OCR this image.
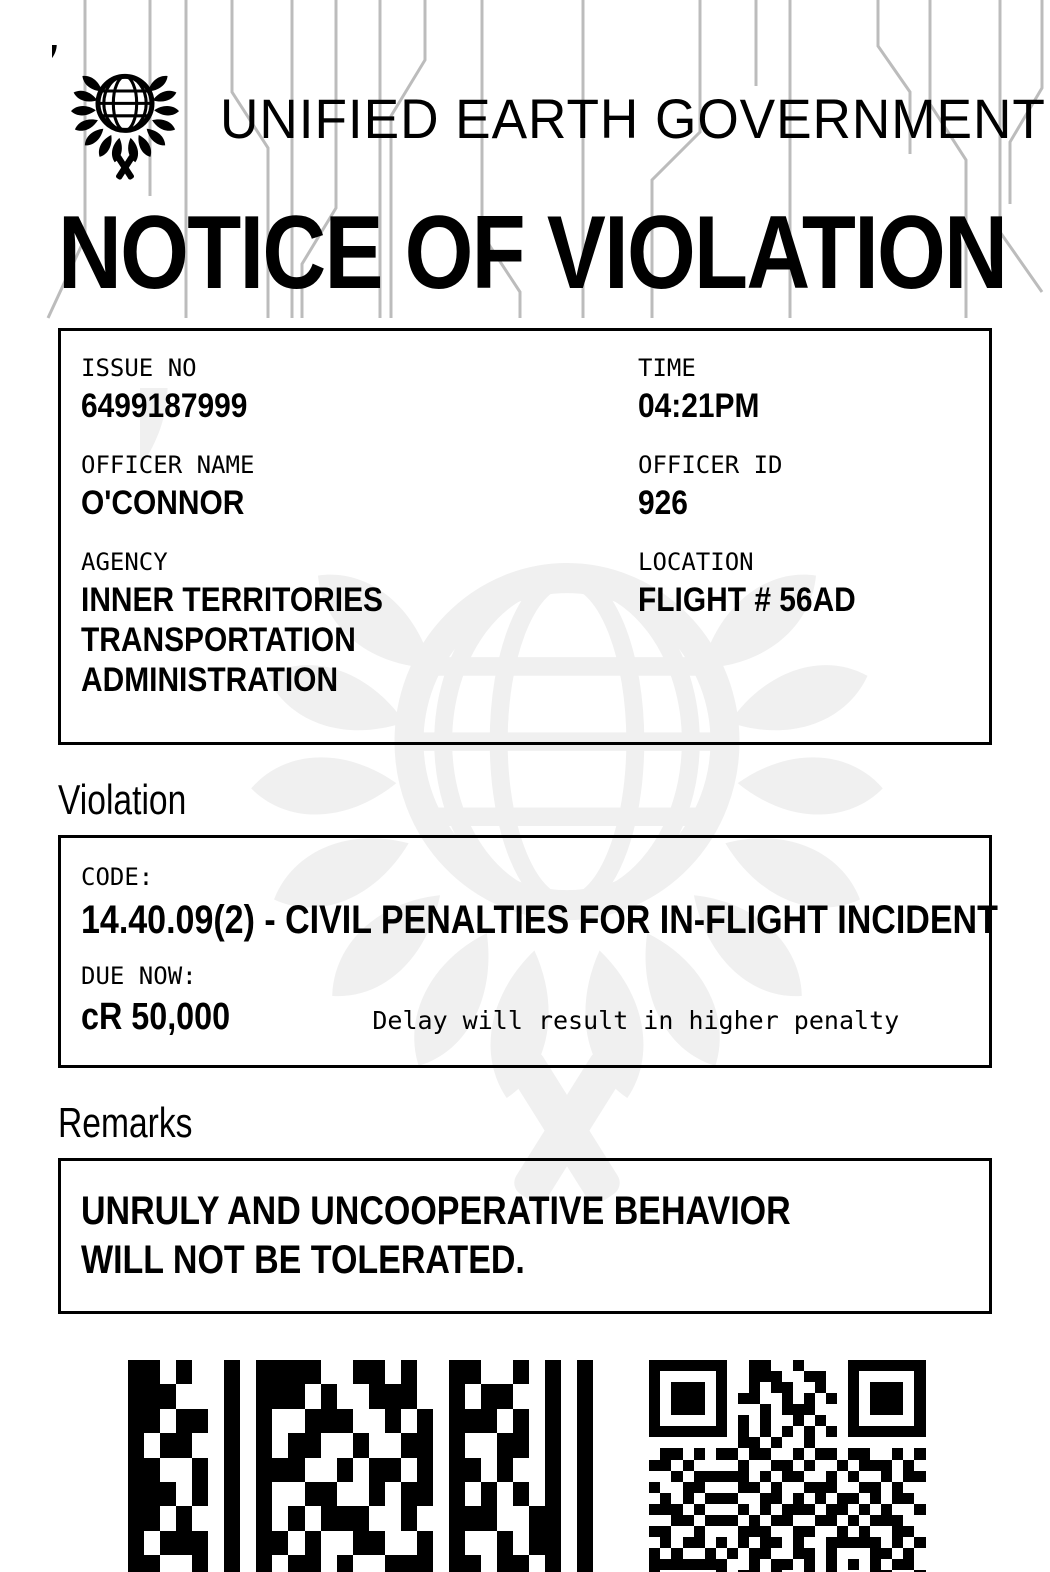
UNIFIED EARTH GOVERNMENT
NOTICE OF VIOLATION
ISSUE NO
6499187999
OFFICER NAME
O'CONNOR
AGENCY
INNER TERRITORIES
TRANSPORTATION
ADMINISTRATION
TIME
04:21PM
OFFICER ID
926
LOCATION
FLIGHT # 56AD
Violation
CODE:
14.40.09(2) - CIVIL PENALTIES FOR IN-FLIGHT INCIDENT
DUE NOW:
cR 50,000	Delay will result in higher penalty
Remarks
UNRULY AND UNCOOPERATIVE BEHAVIOR
WILL NOT BE TOLERATED.
